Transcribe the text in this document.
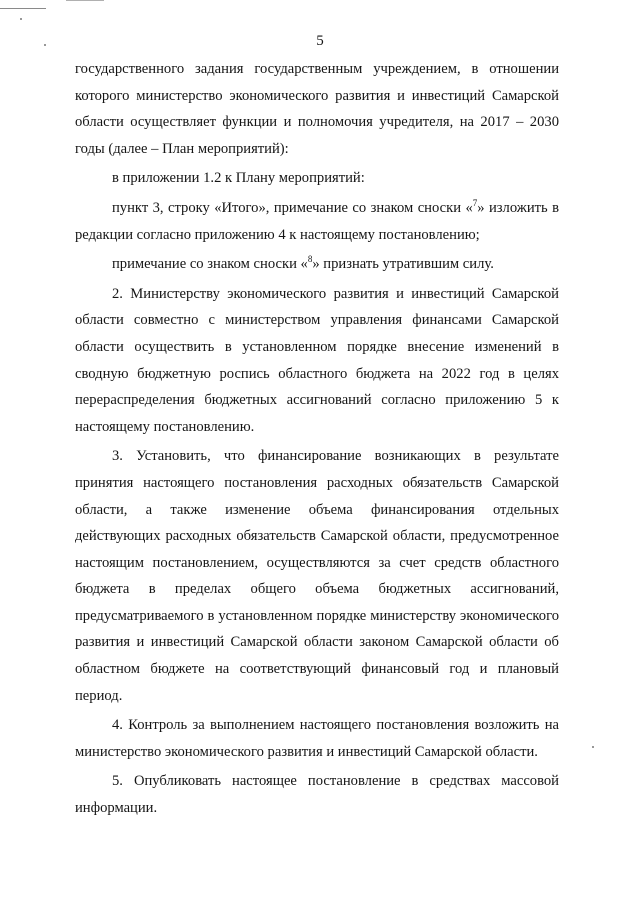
5

государственного задания государственным учреждением, в отношении которого министерство экономического развития и инвестиций Самарской области осуществляет функции и полномочия учредителя, на 2017 – 2030 годы (далее – План мероприятий):

в приложении 1.2 к Плану мероприятий:

пункт 3, строку «Итого», примечание со знаком сноски «$^7$» изложить в редакции согласно приложению 4 к настоящему постановлению;

примечание со знаком сноски «$^8$» признать утратившим силу.

2. Министерству экономического развития и инвестиций Самарской области совместно с министерством управления финансами Самарской области осуществить в установленном порядке внесение изменений в сводную бюджетную роспись областного бюджета на 2022 год в целях перераспределения бюджетных ассигнований согласно приложению 5 к настоящему постановлению.

3. Установить, что финансирование возникающих в результате принятия настоящего постановления расходных обязательств Самарской области, а также изменение объема финансирования отдельных действующих расходных обязательств Самарской области, предусмотренное настоящим постановлением, осуществляются за счет средств областного бюджета в пределах общего объема бюджетных ассигнований, предусматриваемого в установленном порядке министерству экономического развития и инвестиций Самарской области законом Самарской области об областном бюджете на соответствующий финансовый год и плановый период.

4. Контроль за выполнением настоящего постановления возложить на министерство экономического развития и инвестиций Самарской области.

5. Опубликовать настоящее постановление в средствах массовой информации.
